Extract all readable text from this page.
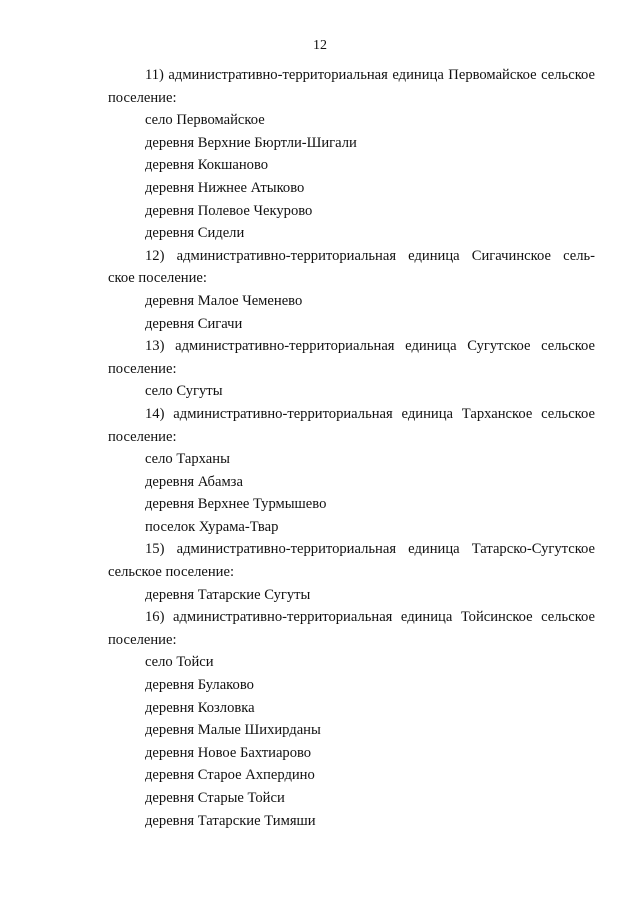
12
11) административно-территориальная единица Первомайское сельское
поселение:
село Первомайское
деревня Верхние Бюртли-Шигали
деревня Кокшаново
деревня Нижнее Атыково
деревня Полевое Чекурово
деревня Сидели
12) административно-территориальная единица Сигачинское сель-
ское поселение:
деревня Малое Чеменево
деревня Сигачи
13) административно-территориальная единица Сугутское сельское
поселение:
село Сугуты
14) административно-территориальная единица Тарханское сельское
поселение:
село Тарханы
деревня Абамза
деревня Верхнее Турмышево
поселок Хурама-Твар
15) административно-территориальная единица Татарско-Сугутское
сельское поселение:
деревня Татарские Сугуты
16) административно-территориальная единица Тойсинское сельское
поселение:
село Тойси
деревня Булаково
деревня Козловка
деревня Малые Шихирданы
деревня Новое Бахтиарово
деревня Старое Ахпердино
деревня Старые Тойси
деревня Татарские Тимяши
